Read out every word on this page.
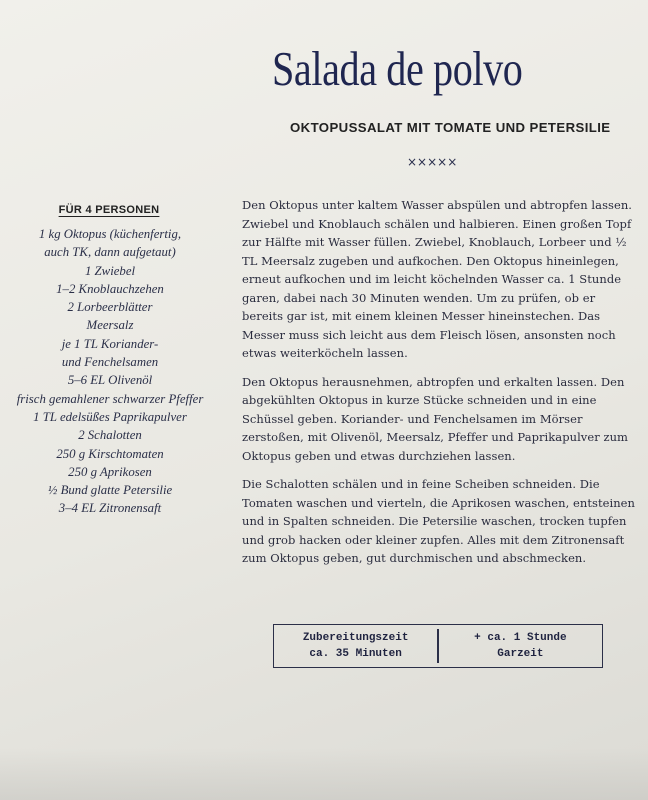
Salada de polvo
OKTOPUSSALAT MIT TOMATE UND PETERSILIE
×××××
FÜR 4 PERSONEN
1 kg Oktopus (küchenfertig,
auch TK, dann aufgetaut)
1 Zwiebel
1–2 Knoblauchzehen
2 Lorbeerblätter
Meersalz
je 1 TL Koriander-
und Fenchelsamen
5–6 EL Olivenöl
frisch gemahlener schwarzer Pfeffer
1 TL edelsüßes Paprikapulver
2 Schalotten
250 g Kirschtomaten
250 g Aprikosen
½ Bund glatte Petersilie
3–4 EL Zitronensaft

Den Oktopus unter kaltem Wasser abspülen und abtropfen lassen. Zwiebel und Knoblauch schälen und halbieren. Einen großen Topf zur Hälfte mit Wasser füllen. Zwiebel, Knoblauch, Lorbeer und ½ TL Meersalz zugeben und aufkochen. Den Oktopus hineinlegen, erneut aufkochen und im leicht köchelnden Wasser ca. 1 Stunde garen, dabei nach 30 Minuten wenden. Um zu prüfen, ob er bereits gar ist, mit einem kleinen Messer hineinstechen. Das Messer muss sich leicht aus dem Fleisch lösen, ansonsten noch etwas weiterköcheln lassen.

Den Oktopus herausnehmen, abtropfen und erkalten lassen. Den abgekühlten Oktopus in kurze Stücke schneiden und in eine Schüssel geben. Koriander- und Fenchelsamen im Mörser zerstoßen, mit Olivenöl, Meersalz, Pfeffer und Paprikapulver zum Oktopus geben und etwas durchziehen lassen.

Die Schalotten schälen und in feine Scheiben schneiden. Die Tomaten waschen und vierteln, die Aprikosen waschen, entsteinen und in Spalten schneiden. Die Petersilie waschen, trocken tupfen und grob hacken oder kleiner zupfen. Alles mit dem Zitronensaft zum Oktopus geben, gut durchmischen und abschmecken.

Zubereitungszeit
ca. 35 Minuten
+ ca. 1 Stunde
Garzeit
